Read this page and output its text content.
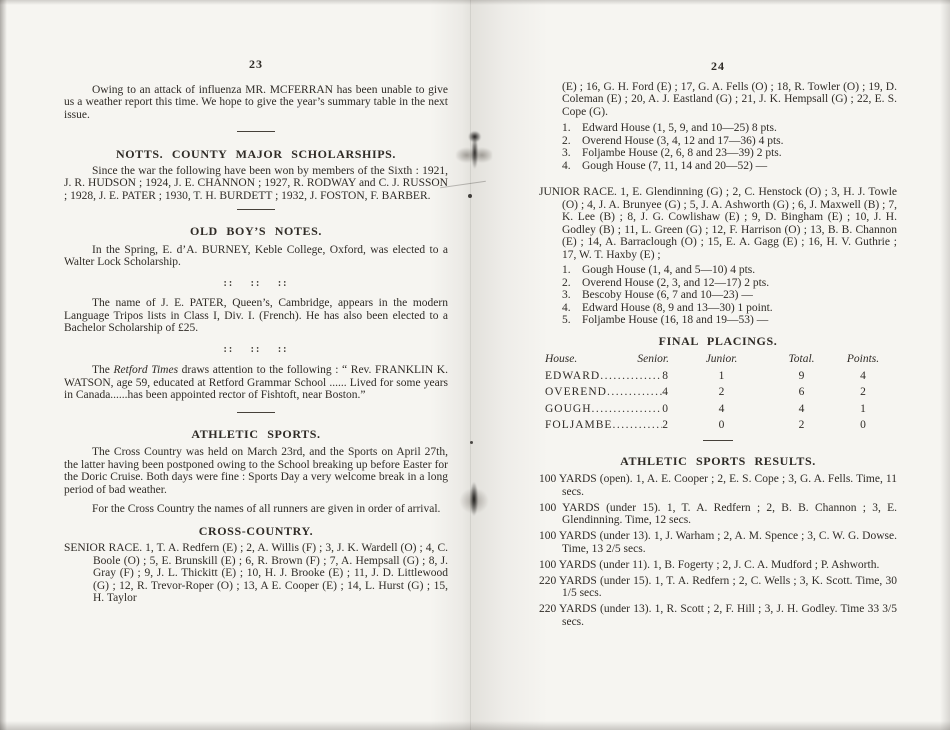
23

Owing to an attack of influenza MR. MCFERRAN has been unable to give us a weather report this time. We hope to give the year’s summary table in the next issue.

NOTTS. COUNTY MAJOR SCHOLARSHIPS.

Since the war the following have been won by members of the Sixth : 1921, J. R. HUDSON ; 1924, J. E. CHANNON ; 1927, R. RODWAY and C. J. RUSSON ; 1928, J. E. PATER ; 1930, T. H. BURDETT ; 1932, J. FOSTON, F. BARBER.

OLD BOY’S NOTES.

In the Spring, E. d’A. BURNEY, Keble College, Oxford, was elected to a Walter Lock Scholarship.

:: :: ::

The name of J. E. PATER, Queen’s, Cambridge, appears in the modern Language Tripos lists in Class I, Div. I. (French). He has also been elected to a Bachelor Scholarship of £25.

:: :: ::

The Retford Times draws attention to the following : “ Rev. FRANKLIN K. WATSON, age 59, educated at Retford Grammar School ...... Lived for some years in Canada......has been appointed rector of Fishtoft, near Boston.”

ATHLETIC SPORTS.

The Cross Country was held on March 23rd, and the Sports on April 27th, the latter having been postponed owing to the School breaking up before Easter for the Doric Cruise. Both days were fine : Sports Day a very welcome break in a long period of bad weather.

For the Cross Country the names of all runners are given in order of arrival.

CROSS-COUNTRY.
SENIOR RACE. 1, T. A. Redfern (E) ; 2, A. Willis (F) ; 3, J. K. Wardell (O) ; 4, C. Boole (O) ; 5, E. Brunskill (E) ; 6, R. Brown (F) ; 7, A. Hempsall (G) ; 8, J. Gray (F) ; 9, J. L. Thickitt (E) ; 10, H. J. Brooke (E) ; 11, J. D. Littlewood (G) ; 12, R. Trevor-Roper (O) ; 13, A E. Cooper (E) ; 14, L. Hurst (G) ; 15, H. Taylor
24
(E) ; 16, G. H. Ford (E) ; 17, G. A. Fells (O) ; 18, R. Towler (O) ; 19, D. Coleman (E) ; 20, A. J. Eastland (G) ; 21, J. K. Hempsall (G) ; 22, E. S. Cope (G).
1. Edward House (1, 5, 9, and 10—25) 8 pts.
2. Overend House (3, 4, 12 and 17—36) 4 pts.
3. Foljambe House (2, 6, 8 and 23—39) 2 pts.
4. Gough House (7, 11, 14 and 20—52) —
JUNIOR RACE. 1, E. Glendinning (G) ; 2, C. Henstock (O) ; 3, H. J. Towle (O) ; 4, J. A. Brunyee (G) ; 5, J. A. Ashworth (G) ; 6, J. Maxwell (B) ; 7, K. Lee (B) ; 8, J. G. Cowlishaw (E) ; 9, D. Bingham (E) ; 10, J. H. Godley (B) ; 11, L. Green (G) ; 12, F. Harrison (O) ; 13, B. B. Channon (E) ; 14, A. Barraclough (O) ; 15, E. A. Gagg (E) ; 16, H. V. Guthrie ; 17, W. T. Haxby (E) ;
1. Gough House (1, 4, and 5—10) 4 pts.
2. Overend House (2, 3, and 12—17) 2 pts.
3. Bescoby House (6, 7 and 10—23) —
4. Edward House (8, 9 and 13—30) 1 point.
5. Foljambe House (16, 18 and 19—53) —
FINAL PLACINGS.
House.	Senior.	Junior.	Total.	Points.
EDWARD .....	8	1	9	4
OVEREND .....	4	2	6	2
GOUGH .....	0	4	4	1
FOLJAMBE .....	2	0	2	0
ATHLETIC SPORTS RESULTS.
100 YARDS (open). 1, A. E. Cooper ; 2, E. S. Cope ; 3, G. A. Fells. Time, 11 secs.
100 YARDS (under 15). 1, T. A. Redfern ; 2, B. B. Channon ; 3, E. Glendinning. Time, 12 secs.
100 YARDS (under 13). 1, J. Warham ; 2, A. M. Spence ; 3, C. W. G. Dowse. Time, 13 2/5 secs.
100 YARDS (under 11). 1, B. Fogerty ; 2, J. C. A. Mudford ; P. Ashworth.
220 YARDS (under 15). 1, T. A. Redfern ; 2, C. Wells ; 3, K. Scott. Time, 30 1/5 secs.
220 YARDS (under 13). 1, R. Scott ; 2, F. Hill ; 3, J. H. Godley. Time 33 3/5 secs.
